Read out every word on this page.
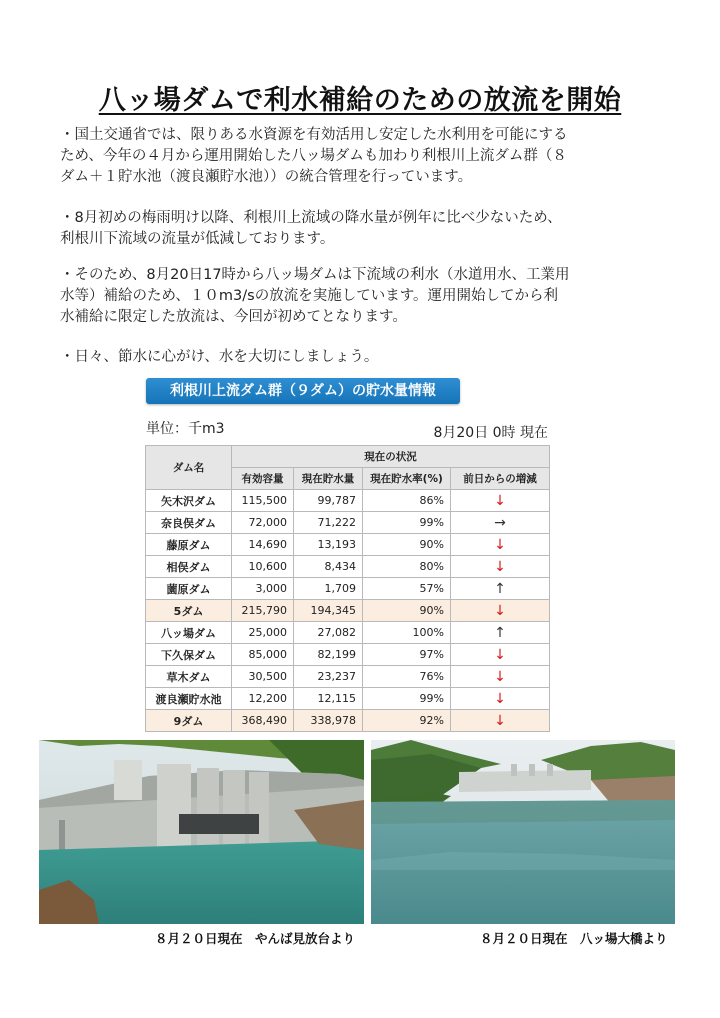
八ッ場ダムで利水補給のための放流を開始
・国土交通省では、限りある水資源を有効活用し安定した水利用を可能にする
ため、今年の４月から運用開始した八ッ場ダムも加わり利根川上流ダム群（８
ダム＋１貯水池（渡良瀬貯水池））の統合管理を行っています。
・8月初めの梅雨明け以降、利根川上流域の降水量が例年に比べ少ないため、
利根川下流域の流量が低減しております。
・そのため、8月20日17時から八ッ場ダムは下流域の利水（水道用水、工業用
水等）補給のため、１０m3/sの放流を実施しています。運用開始してから利
水補給に限定した放流は、今回が初めてとなります。
・日々、節水に心がけ、水を大切にしましょう。
利根川上流ダム群（９ダム）の貯水量情報
単位：千m3	8月20日 0時 現在
ダム名	現在の状況			
	有効容量	現在貯水量	現在貯水率(%)	前日からの増減
矢木沢ダム	115,500	99,787	86%	↓
奈良俣ダム	72,000	71,222	99%	→
藤原ダム	14,690	13,193	90%	↓
相俣ダム	10,600	8,434	80%	↓
薗原ダム	3,000	1,709	57%	↑
5ダム	215,790	194,345	90%	↓
八ッ場ダム	25,000	27,082	100%	↑
下久保ダム	85,000	82,199	97%	↓
草木ダム	30,500	23,237	76%	↓
渡良瀬貯水池	12,200	12,115	99%	↓
9ダム	368,490	338,978	92%	↓
８月２０日現在　やんば見放台より	８月２０日現在　八ッ場大橋より
